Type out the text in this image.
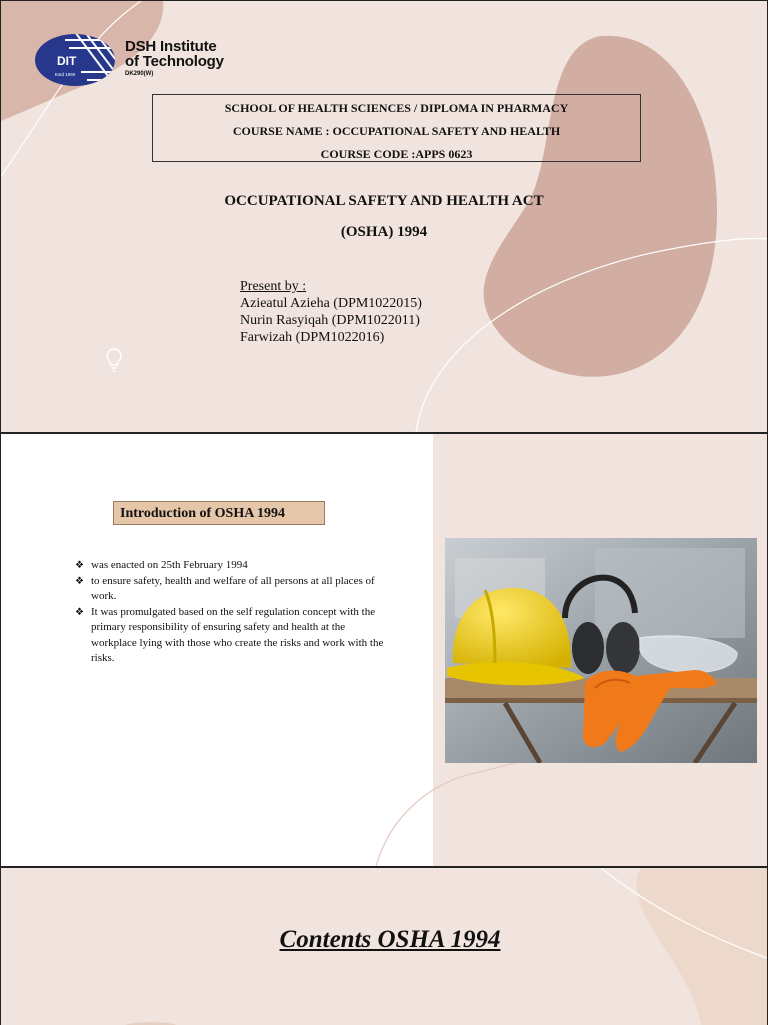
DIT
Estd 1990
DSH Institute
of Technology
DK290(W)
SCHOOL OF HEALTH SCIENCES / DIPLOMA IN PHARMACY
COURSE NAME : OCCUPATIONAL SAFETY AND HEALTH
COURSE CODE :APPS 0623
OCCUPATIONAL SAFETY AND HEALTH ACT
(OSHA) 1994
Present by :
Azieatul Azieha (DPM1022015)
Nurin Rasyiqah (DPM1022011)
Farwizah (DPM1022016)
Introduction of OSHA 1994
❖ was enacted on 25th February 1994
❖ to ensure safety, health and welfare of all persons at all places of work.
❖ It was promulgated based on the self regulation concept with the primary responsibility of ensuring safety and health at the workplace lying with those who create the risks and work with the risks.
Contents OSHA 1994
